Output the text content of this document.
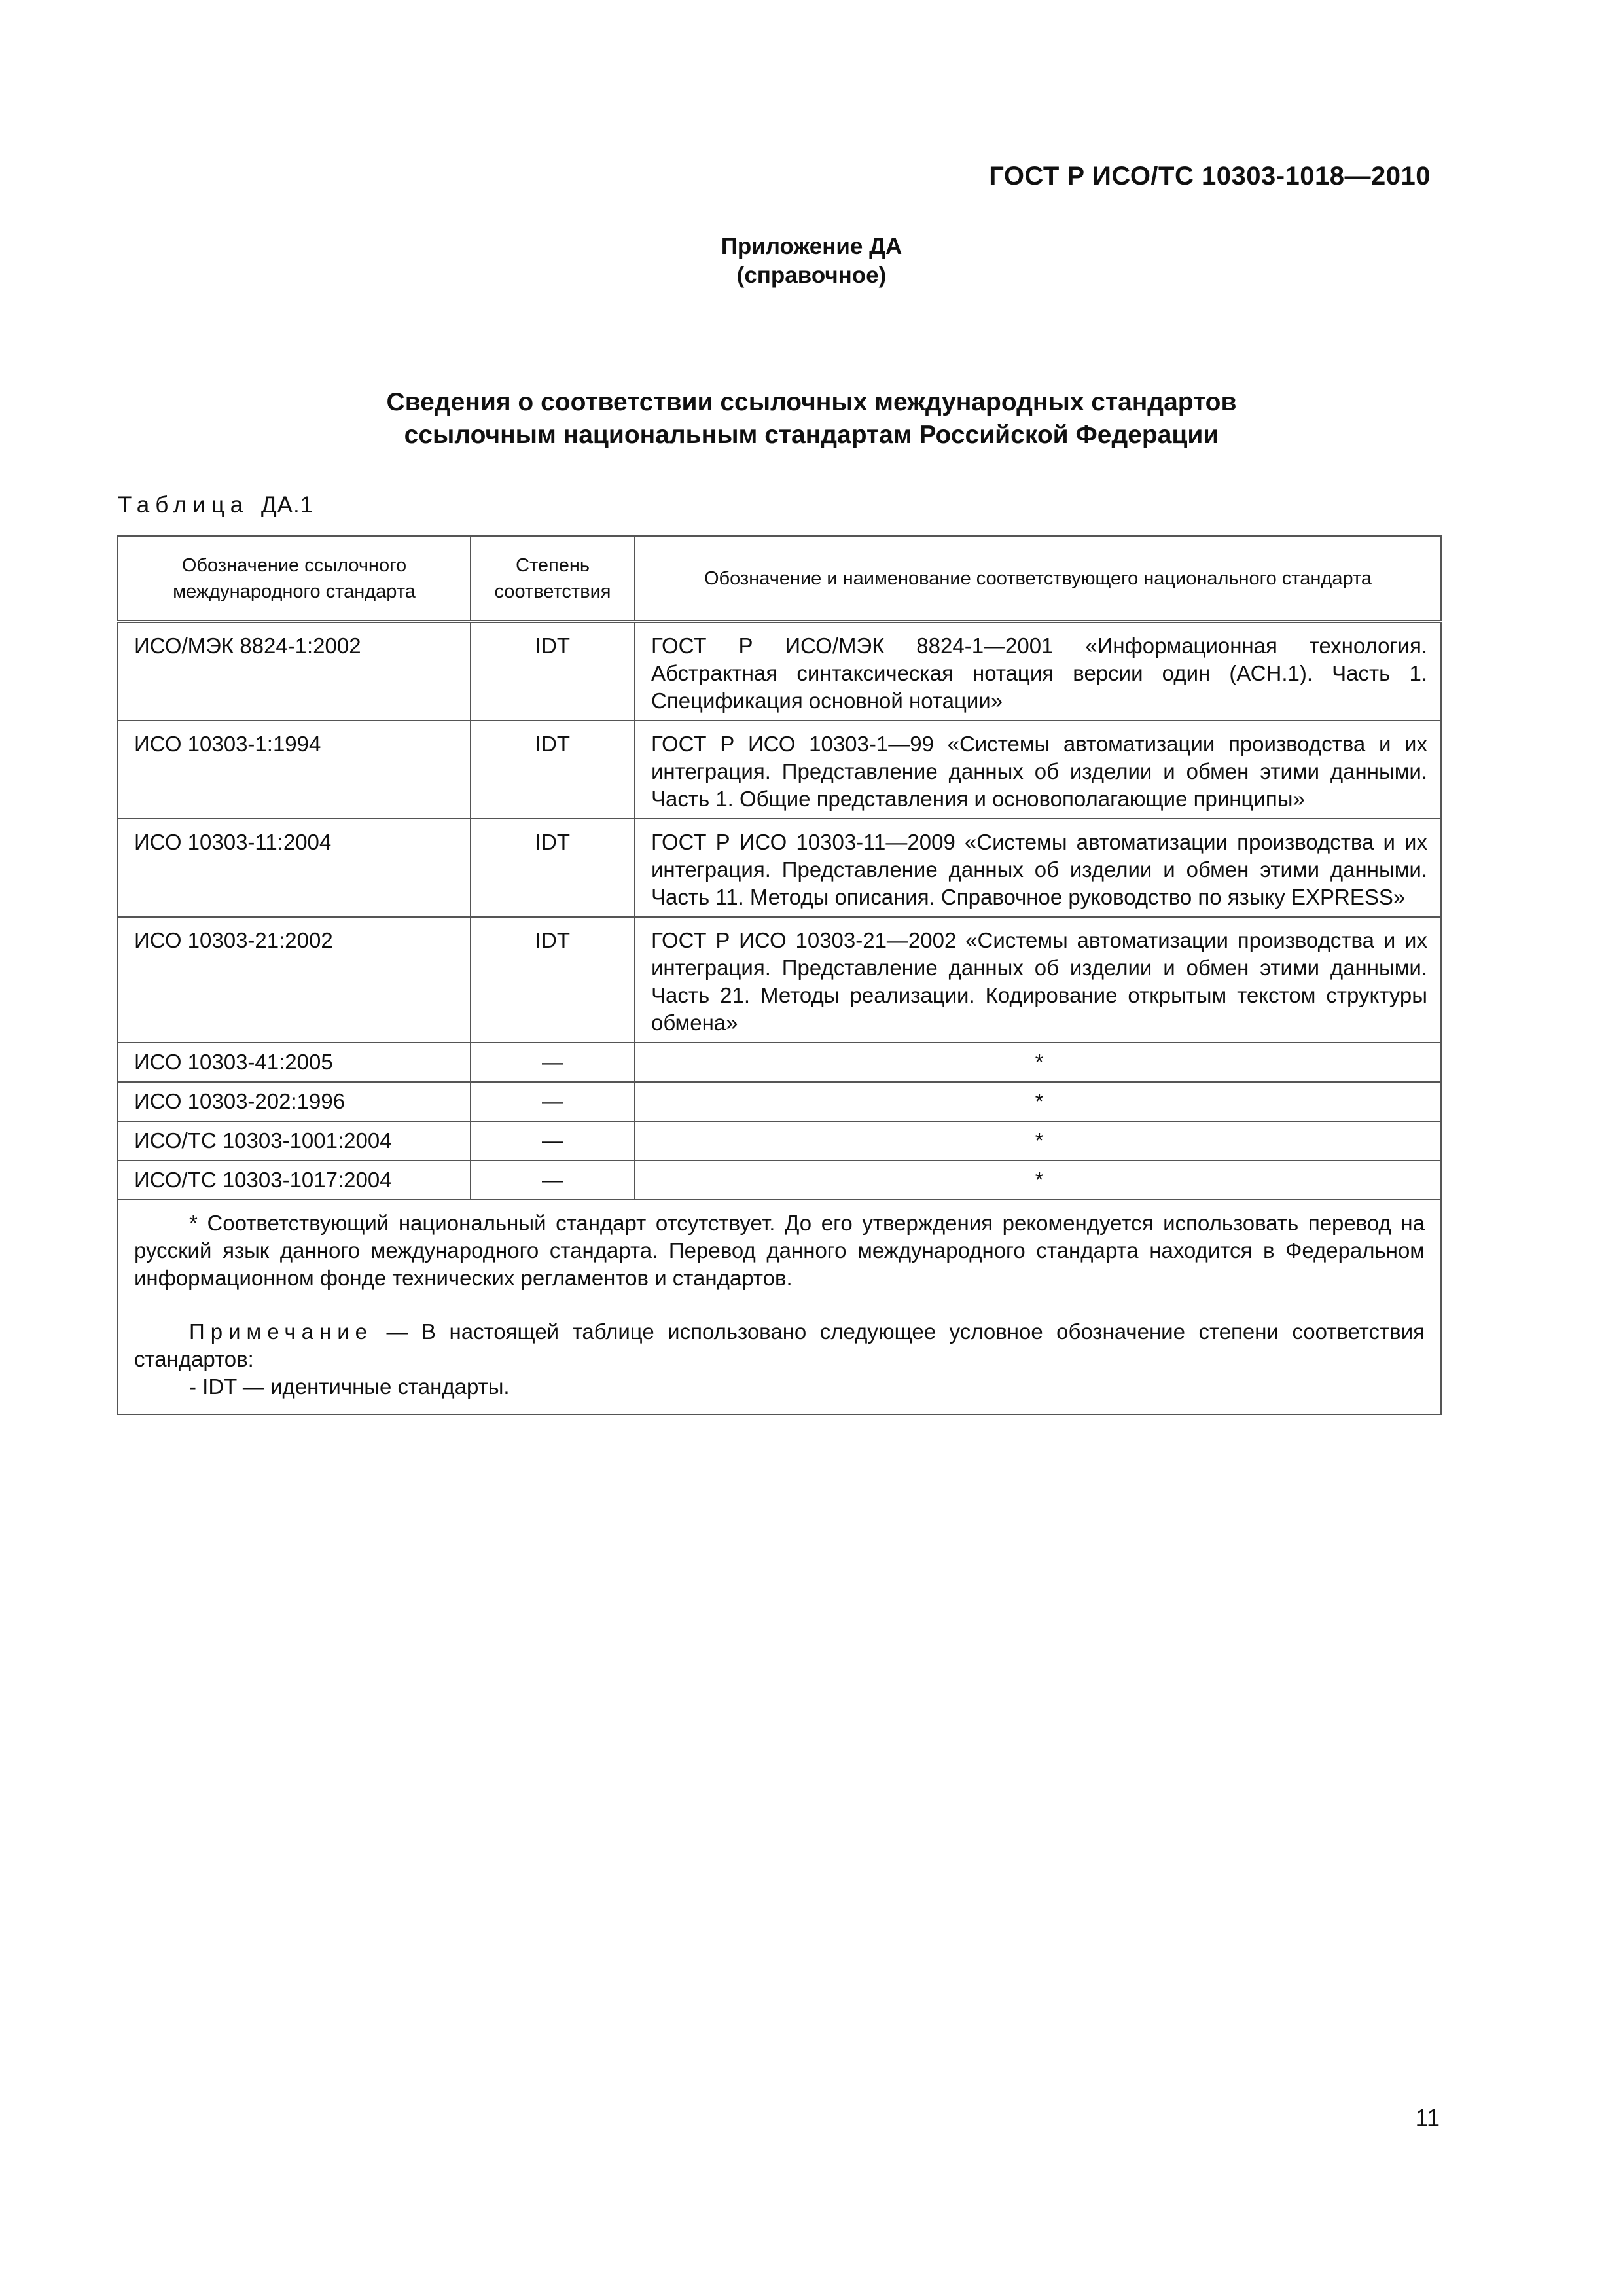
ГОСТ Р ИСО/ТС 10303-1018—2010
Приложение ДА
(справочное)
Сведения о соответствии ссылочных международных стандартов
ссылочным национальным стандартам Российской Федерации
Таблица ДА.1
Обозначение ссылочного международного стандарта	Степень соответствия	Обозначение и наименование соответствующего национального стандарта
ИСО/МЭК 8824-1:2002	IDT	ГОСТ Р ИСО/МЭК 8824-1—2001 «Информационная технология. Абстрактная синтаксическая нотация версии один (АСН.1). Часть 1. Спецификация основной нотации»
ИСО 10303-1:1994	IDT	ГОСТ Р ИСО 10303-1—99 «Системы автоматизации производства и их интеграция. Представление данных об изделии и обмен этими данными. Часть 1. Общие представления и основополагающие принципы»
ИСО 10303-11:2004	IDT	ГОСТ Р ИСО 10303-11—2009 «Системы автоматизации производства и их интеграция. Представление данных об изделии и обмен этими данными. Часть 11. Методы описания. Справочное руководство по языку EXPRESS»
ИСО 10303-21:2002	IDT	ГОСТ Р ИСО 10303-21—2002 «Системы автоматизации производства и их интеграция. Представление данных об изделии и обмен этими данными. Часть 21. Методы реализации. Кодирование открытым текстом структуры обмена»
ИСО 10303-41:2005	—	*
ИСО 10303-202:1996	—	*
ИСО/ТС 10303-1001:2004	—	*
ИСО/ТС 10303-1017:2004	—	*

* Соответствующий национальный стандарт отсутствует. До его утверждения рекомендуется использовать перевод на русский язык данного международного стандарта. Перевод данного международного стандарта находится в Федеральном информационном фонде технических регламентов и стандартов.

Примечание — В настоящей таблице использовано следующее условное обозначение степени соответствия стандартов:

- IDT — идентичные стандарты.		

11
